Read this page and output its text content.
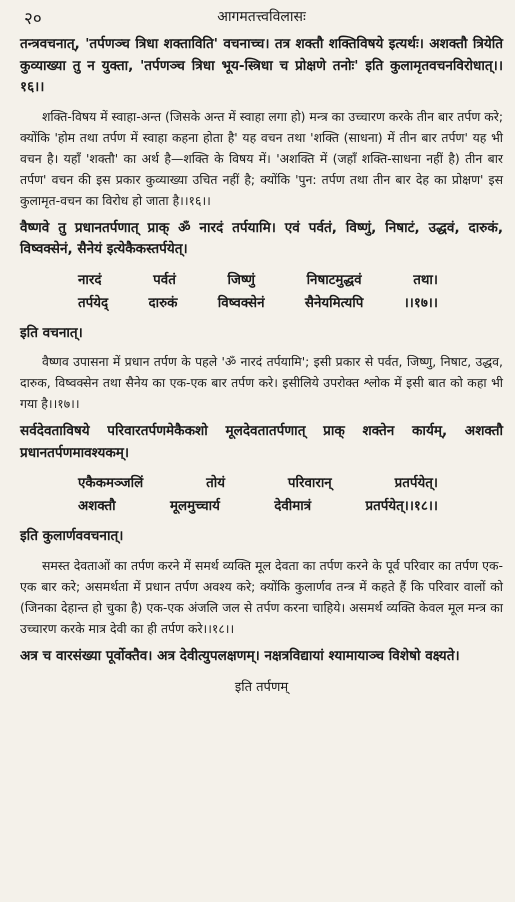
२०	आगमतत्त्वविलासः

तन्त्रवचनात्, 'तर्पणञ्च त्रिधा शक्ताविति' वचनाच्च। तत्र शक्तौ शक्तिविषये इत्यर्थः। अशक्तौ त्रियेति कुव्याख्या तु न युक्ता, 'तर्पणञ्च त्रिधा भूय-स्त्रिधा च प्रोक्षणे तनोः' इति कुलामृतवचनविरोधात्।।१६।।

शक्ति-विषय में स्वाहा-अन्त (जिसके अन्त में स्वाहा लगा हो) मन्त्र का उच्चारण करके तीन बार तर्पण करे; क्योंकि 'होम तथा तर्पण में स्वाहा कहना होता है' यह वचन तथा 'शक्ति (साधना) में तीन बार तर्पण' यह भी वचन है। यहाँ 'शक्तौ' का अर्थ है—शक्ति के विषय में। 'अशक्ति में (जहाँ शक्ति-साधना नहीं है) तीन बार तर्पण' वचन की इस प्रकार कुव्याख्या उचित नहीं है; क्योंकि 'पुन: तर्पण तथा तीन बार देह का प्रोक्षण' इस कुलामृत-वचन का विरोध हो जाता है।।१६।।

वैष्णवे तु प्रधानतर्पणात् प्राक् ॐ नारदं तर्पयामि। एवं पर्वतं, विष्णुं, निषाटं, उद्धवं, दारुकं, विष्वक्सेनं, सैनेयं इत्येकैकस्तर्पयेत्।

नारदं	पर्वतं	जिष्णुं	निषाटमुद्धवं	तथा।
तर्पयेद्	दारुकं	विष्वक्सेनं	सैनेयमित्यपि	।।१७।।

इति वचनात्।

वैष्णव उपासना में प्रधान तर्पण के पहले 'ॐ नारदं तर्पयामि'; इसी प्रकार से पर्वत, जिष्णु, निषाट, उद्धव, दारुक, विष्वक्सेन तथा सैनेय का एक-एक बार तर्पण करे। इसीलिये उपरोक्त श्लोक में इसी बात को कहा भी गया है।।१७।।

सर्वदेवताविषये परिवारतर्पणमेकैकशो मूलदेवतातर्पणात् प्राक् शक्तेन कार्यम्, अशक्तौ प्रधानतर्पणमावश्यकम्।

एकैकमञ्जलिं	तोयं	परिवारान्	प्रतर्पयेत्।
अशक्तौ	मूलमुच्चार्य	देवीमात्रं	प्रतर्पयेत्।।१८।।

इति कुलार्णववचनात्।

समस्त देवताओं का तर्पण करने में समर्थ व्यक्ति मूल देवता का तर्पण करने के पूर्व परिवार का तर्पण एक-एक बार करे; असमर्थता में प्रधान तर्पण अवश्य करे; क्योंकि कुलार्णव तन्त्र में कहते हैं कि परिवार वालों को (जिनका देहान्त हो चुका है) एक-एक अंजलि जल से तर्पण करना चाहिये। असमर्थ व्यक्ति केवल मूल मन्त्र का उच्चारण करके मात्र देवी का ही तर्पण करे।।१८।।

अत्र च वारसंख्या पूर्वोक्तैव। अत्र देवीत्युपलक्षणम्। नक्षत्रविद्यायां श्यामायाञ्च विशेषो वक्ष्यते।

इति तर्पणम्
